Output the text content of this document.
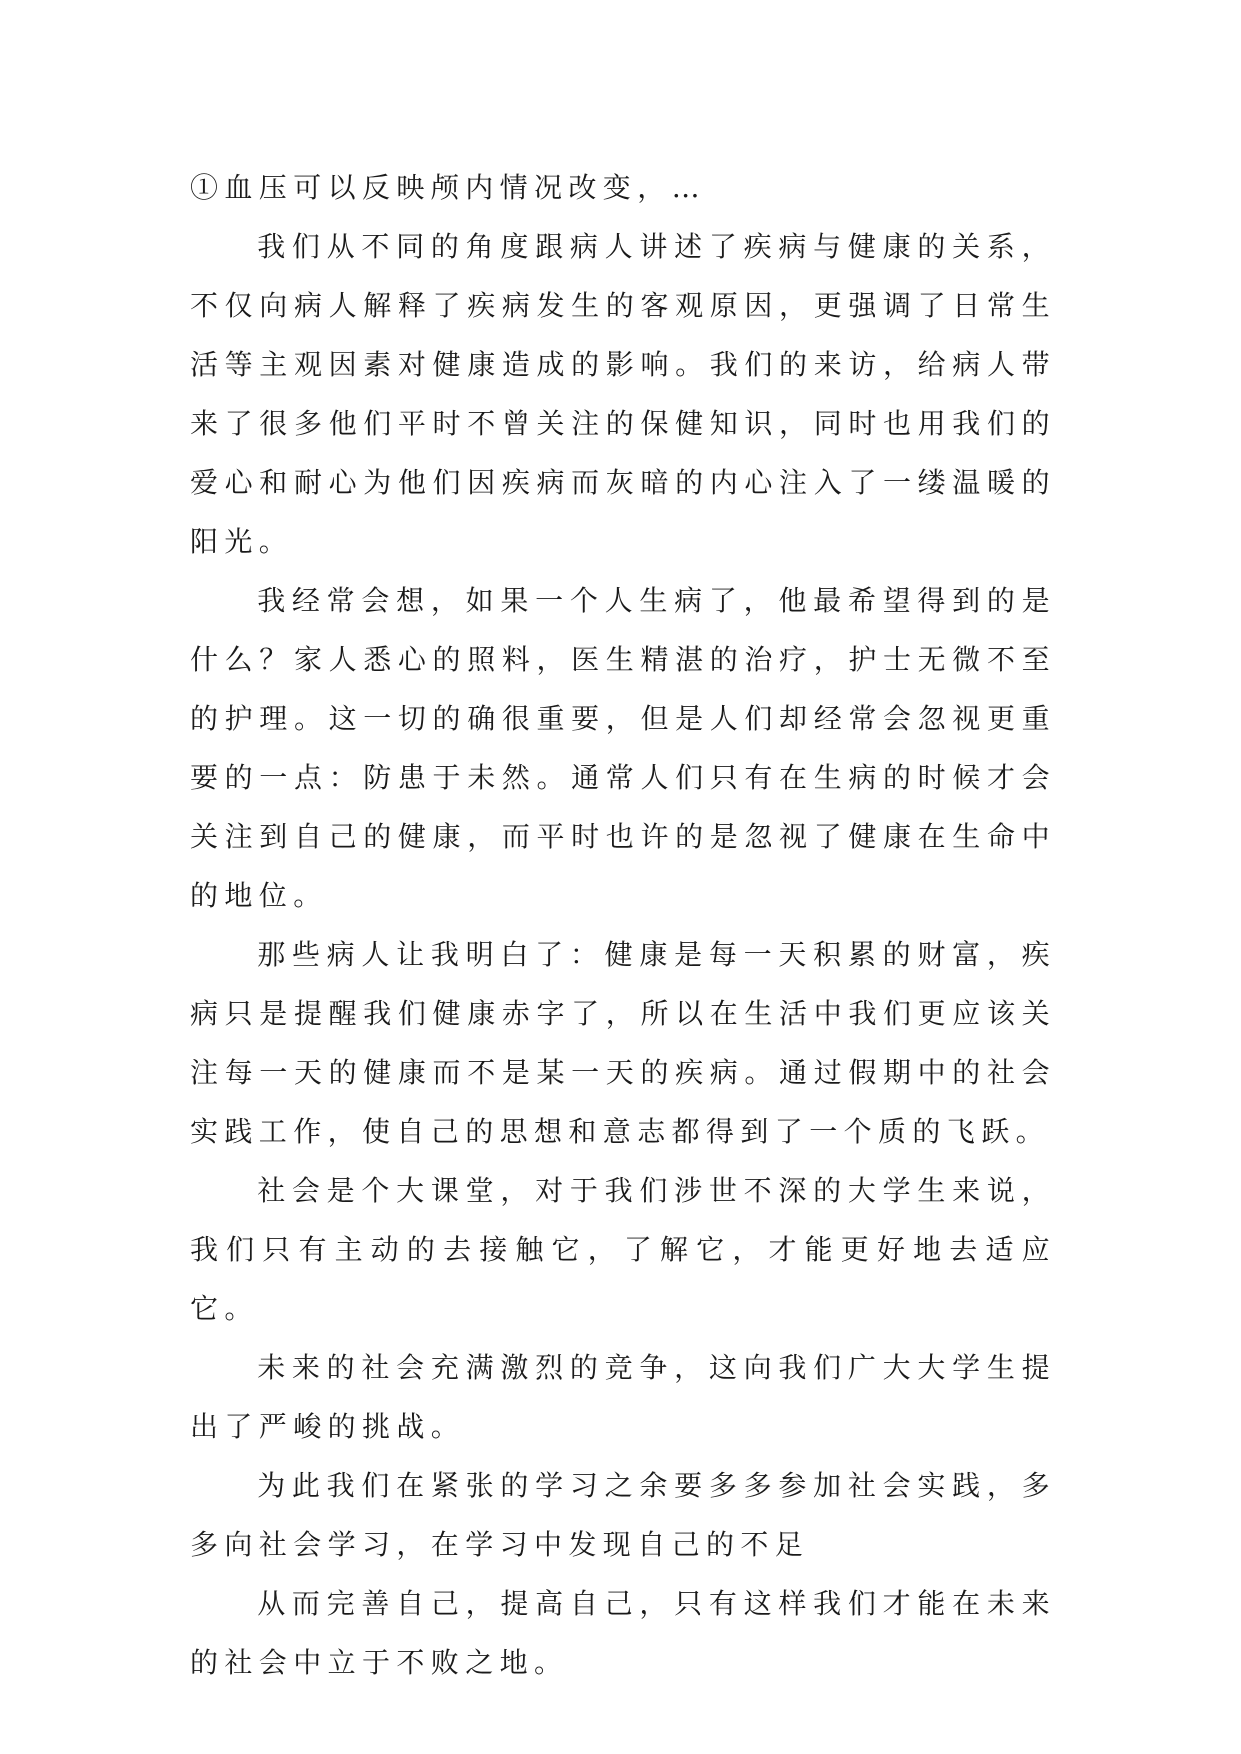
①血压可以反映颅内情况改变，…

我们从不同的角度跟病人讲述了疾病与健康的关系，不仅向病人解释了疾病发生的客观原因，更强调了日常生活等主观因素对健康造成的影响。我们的来访，给病人带来了很多他们平时不曾关注的保健知识，同时也用我们的爱心和耐心为他们因疾病而灰暗的内心注入了一缕温暖的阳光。

我经常会想，如果一个人生病了，他最希望得到的是什么？家人悉心的照料，医生精湛的治疗，护士无微不至的护理。这一切的确很重要，但是人们却经常会忽视更重要的一点：防患于未然。通常人们只有在生病的时候才会关注到自己的健康，而平时也许的是忽视了健康在生命中的地位。

那些病人让我明白了：健康是每一天积累的财富，疾病只是提醒我们健康赤字了，所以在生活中我们更应该关注每一天的健康而不是某一天的疾病。通过假期中的社会实践工作，使自己的思想和意志都得到了一个质的飞跃。

社会是个大课堂，对于我们涉世不深的大学生来说，我们只有主动的去接触它，了解它，才能更好地去适应它。

未来的社会充满激烈的竞争，这向我们广大大学生提出了严峻的挑战。

为此我们在紧张的学习之余要多多参加社会实践，多多向社会学习，在学习中发现自己的不足

从而完善自己，提高自己，只有这样我们才能在未来的社会中立于不败之地。
